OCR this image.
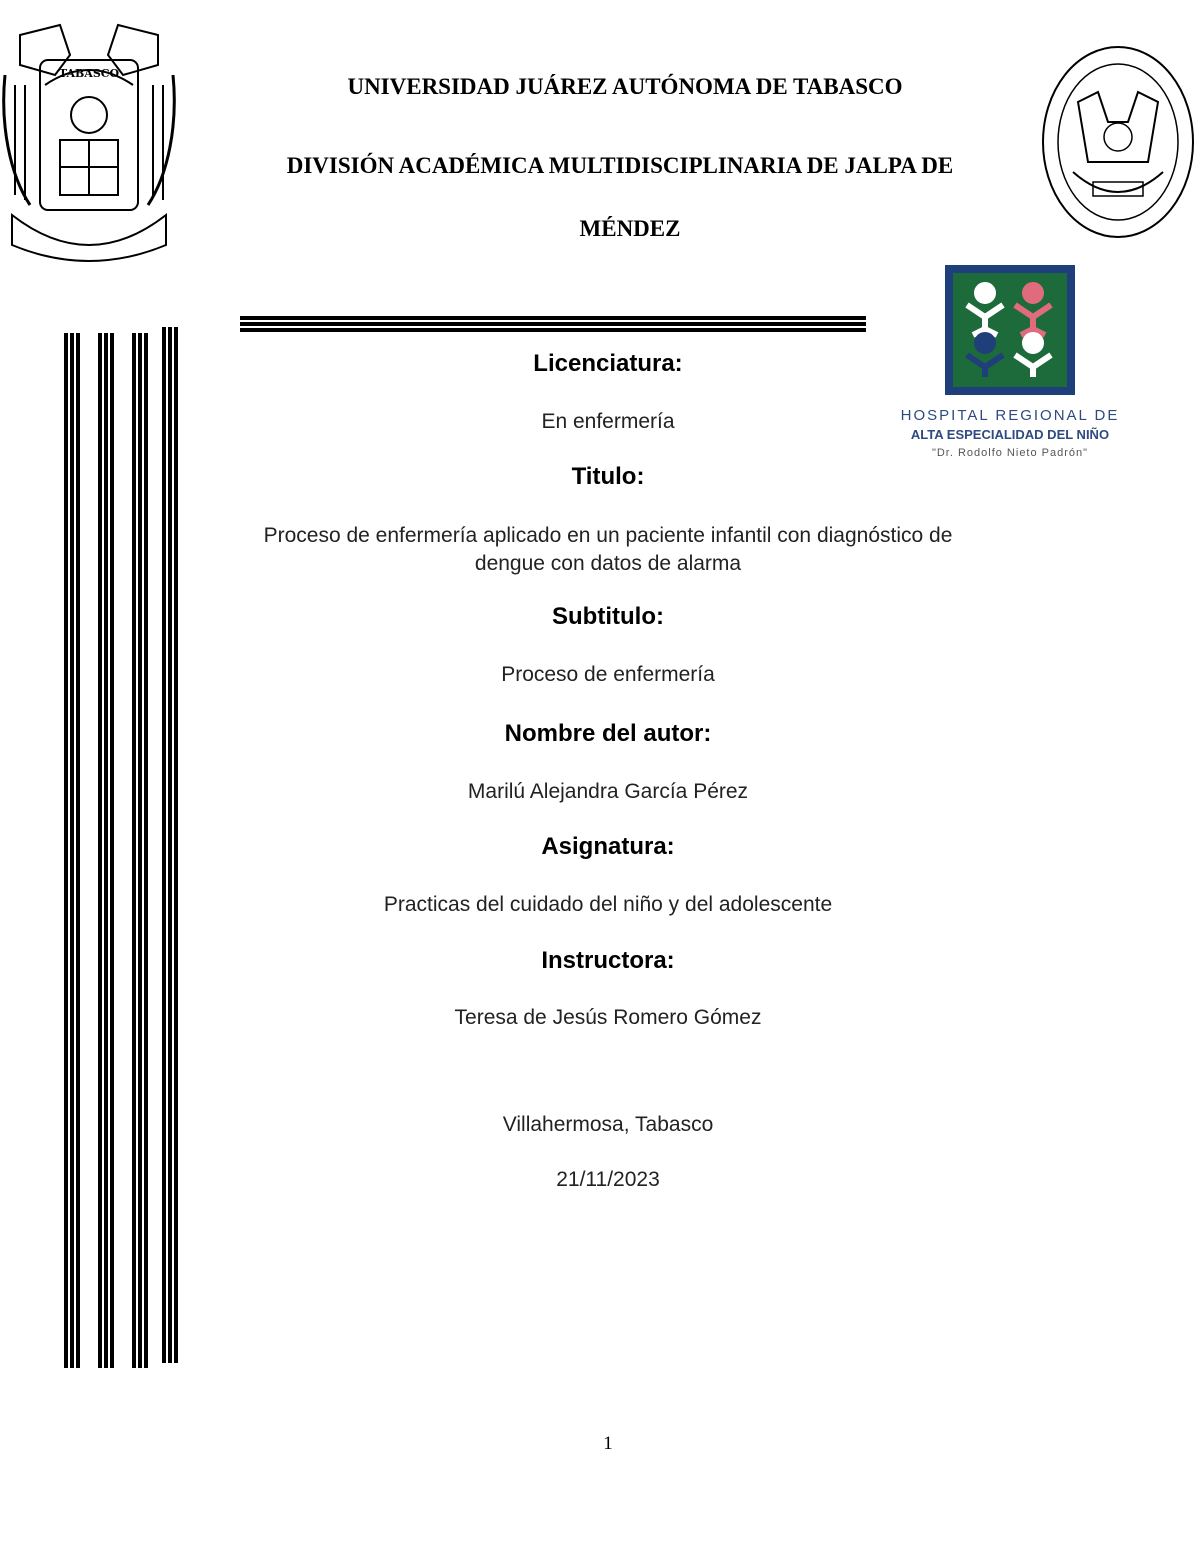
TABASCO
HOSPITAL REGIONAL DE
ALTA ESPECIALIDAD DEL NIÑO
"Dr. Rodolfo Nieto Padrón"
UNIVERSIDAD JUÁREZ AUTÓNOMA DE TABASCO
DIVISIÓN ACADÉMICA MULTIDISCIPLINARIA DE JALPA DE
MÉNDEZ
Licenciatura:
En enfermería
Titulo:
Proceso de enfermería aplicado en un paciente infantil con diagnóstico de
dengue con datos de alarma
Subtitulo:
Proceso de enfermería
Nombre del autor:
Marilú Alejandra García Pérez
Asignatura:
Practicas del cuidado del niño y del adolescente
Instructora:
Teresa de Jesús Romero Gómez
Villahermosa, Tabasco
21/11/2023
1
